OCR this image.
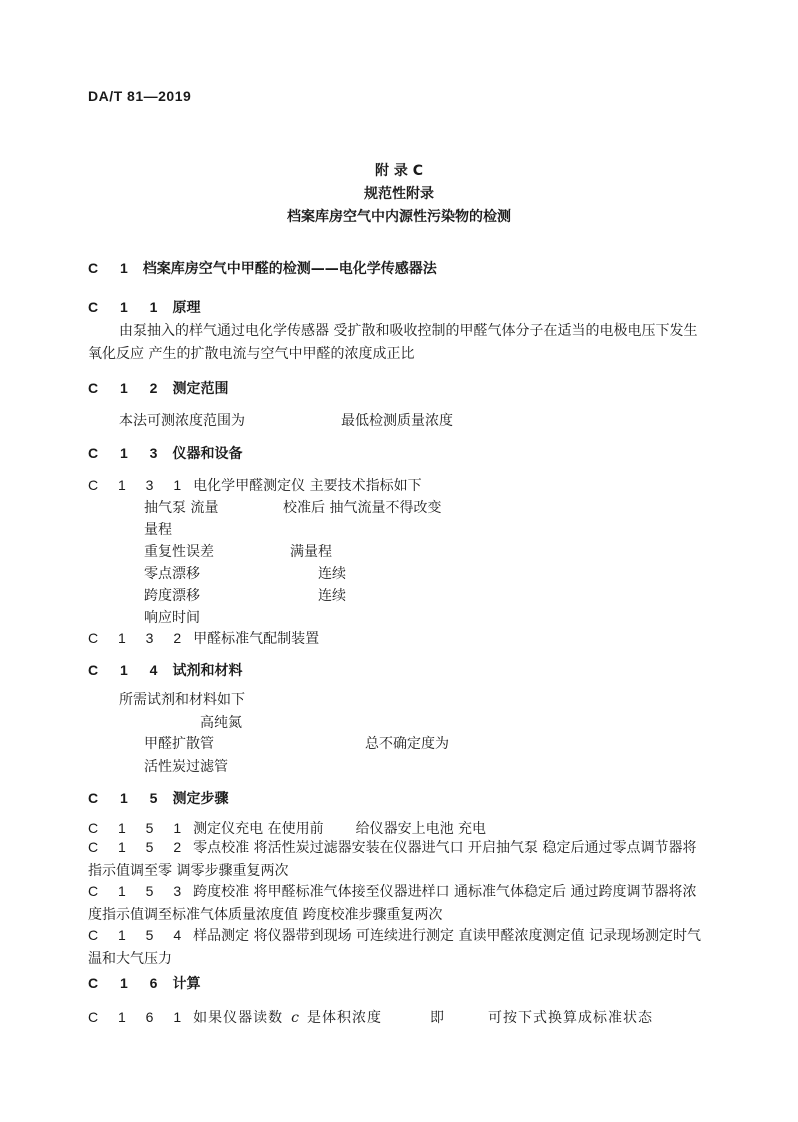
DA/T 81—2019
附 录 C
规范性附录
档案库房空气中内源性污染物的检测
C 1 档案库房空气中甲醛的检测——电化学传感器法
C 1 1 原理
由泵抽入的样气通过电化学传感器 受扩散和吸收控制的甲醛气体分子在适当的电极电压下发生氧化反应 产生的扩散电流与空气中甲醛的浓度成正比
C 1 2 测定范围
本法可测浓度范围为	最低检测质量浓度
C 1 3 仪器和设备
C 1 3 1 电化学甲醛测定仪 主要技术指标如下
抽气泵 流量	校准后 抽气流量不得改变
量程
重复性误差	满量程
零点漂移	连续
跨度漂移	连续
响应时间
C 1 3 2 甲醛标准气配制装置
C 1 4 试剂和材料
所需试剂和材料如下
高纯氮
甲醛扩散管	总不确定度为
活性炭过滤管
C 1 5 测定步骤
C 1 5 1 测定仪充电 在使用前 给仪器安上电池 充电
C 1 5 2 零点校准 将活性炭过滤器安装在仪器进气口 开启抽气泵 稳定后通过零点调节器将指示值调至零 调零步骤重复两次
C 1 5 3 跨度校准 将甲醛标准气体接至仪器进样口 通标准气体稳定后 通过跨度调节器将浓度指示值调至标准气体质量浓度值 跨度校准步骤重复两次
C 1 5 4 样品测定 将仪器带到现场 可连续进行测定 直读甲醛浓度测定值 记录现场测定时气温和大气压力
C 1 6 计算
C 1 6 1 如果仪器读数 c 是体积浓度	即	可按下式换算成标准状态
